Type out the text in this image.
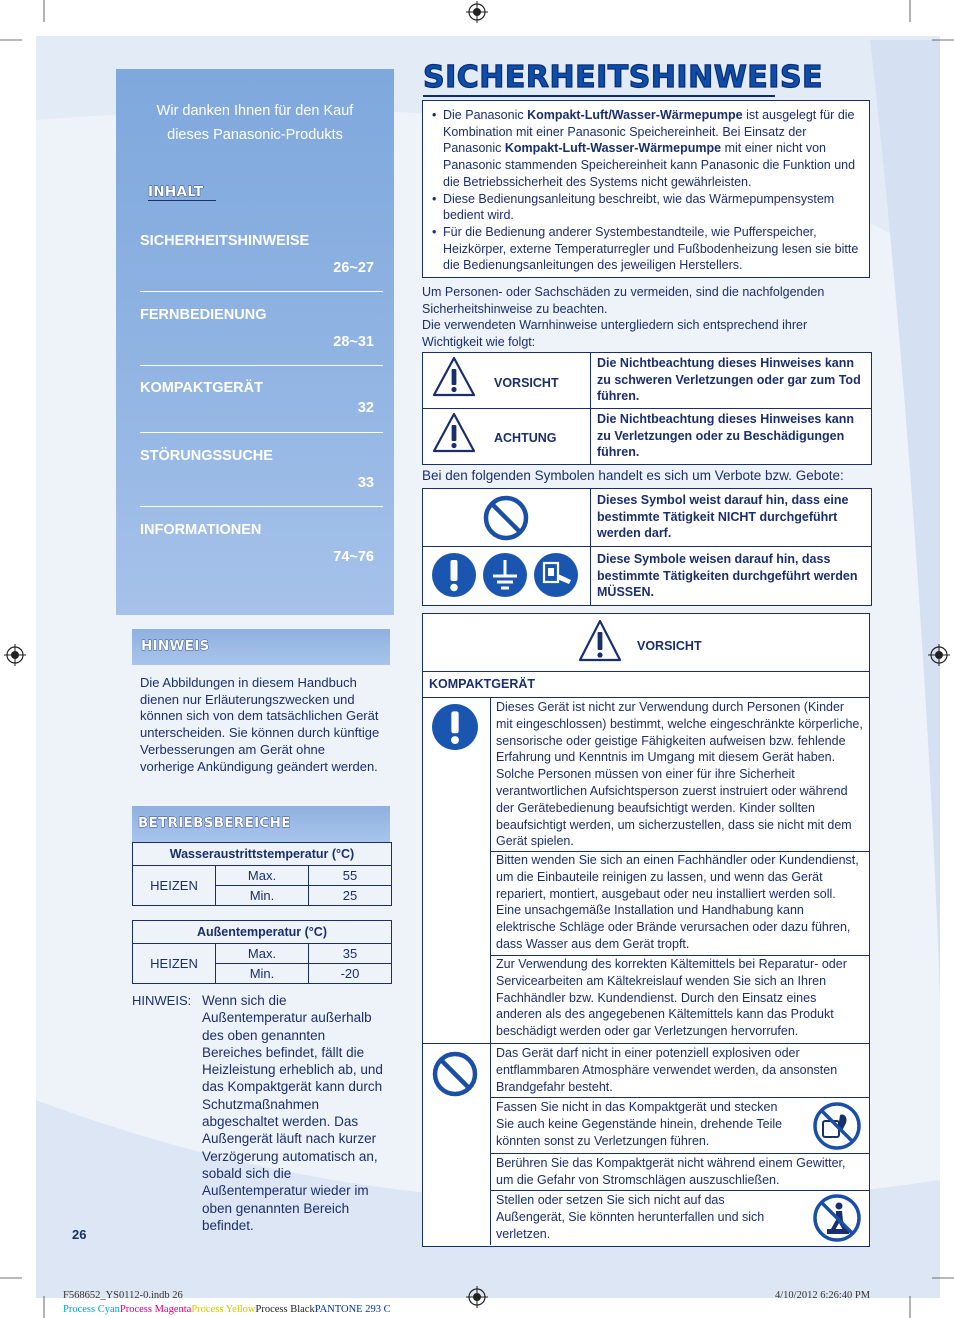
Wir danken Ihnen für den Kauf
dieses Panasonic-Produkts
INHALT
SICHERHEITSHINWEISE
26~27
FERNBEDIENUNG
28~31
KOMPAKTGERÄT
32
STÖRUNGSSUCHE
33
INFORMATIONEN
74~76
HINWEIS
Die Abbildungen in diesem Handbuch dienen nur Erläuterungszwecken und können sich von dem tatsächlichen Gerät unterscheiden. Sie können durch künftige Verbesserungen am Gerät ohne vorherige Ankündigung geändert werden.
BETRIEBSBEREICHE
Wasseraustrittstemperatur (°C)		
HEIZEN	Max.	55
	Min.	25
Außentemperatur (°C)		
HEIZEN	Max.	35
	Min.	-20
HINWEIS: Wenn sich die Außentemperatur außerhalb des oben genannten Bereiches befindet, fällt die Heizleistung erheblich ab, und das Kompaktgerät kann durch Schutzmaßnahmen abgeschaltet werden. Das Außengerät läuft nach kurzer Verzögerung automatisch an, sobald sich die Außentemperatur wieder im oben genannten Bereich befindet.
26
SICHERHEITSHINWEISE
• Die Panasonic Kompakt-Luft/Wasser-Wärmepumpe ist ausgelegt für die Kombination mit einer Panasonic Speichereinheit. Bei Einsatz der Panasonic Kompakt-Luft-Wasser-Wärmepumpe mit einer nicht von Panasonic stammenden Speichereinheit kann Panasonic die Funktion und die Betriebssicherheit des Systems nicht gewährleisten.
• Diese Bedienungsanleitung beschreibt, wie das Wärmepumpensystem bedient wird.
• Für die Bedienung anderer Systembestandteile, wie Pufferspeicher, Heizkörper, externe Temperaturregler und Fußbodenheizung lesen sie bitte die Bedienungsanleitungen des jeweiligen Herstellers.
Um Personen- oder Sachschäden zu vermeiden, sind die nachfolgenden Sicherheitshinweise zu beachten.
Die verwendeten Warnhinweise untergliedern sich entsprechend ihrer Wichtigkeit wie folgt:
VORSICHT
Die Nichtbeachtung dieses Hinweises kann zu schweren Verletzungen oder gar zum Tod führen.
ACHTUNG
Die Nichtbeachtung dieses Hinweises kann zu Verletzungen oder zu Beschädigungen führen.
Bei den folgenden Symbolen handelt es sich um Verbote bzw. Gebote:
Dieses Symbol weist darauf hin, dass eine bestimmte Tätigkeit NICHT durchgeführt werden darf.
Diese Symbole weisen darauf hin, dass bestimmte Tätigkeiten durchgeführt werden MÜSSEN.
VORSICHT
KOMPAKTGERÄT
Dieses Gerät ist nicht zur Verwendung durch Personen (Kinder mit eingeschlossen) bestimmt, welche eingeschränkte körperliche, sensorische oder geistige Fähigkeiten aufweisen bzw. fehlende Erfahrung und Kenntnis im Umgang mit diesem Gerät haben. Solche Personen müssen von einer für ihre Sicherheit verantwortlichen Aufsichtsperson zuerst instruiert oder während der Gerätebedienung beaufsichtigt werden. Kinder sollten beaufsichtigt werden, um sicherzustellen, dass sie nicht mit dem Gerät spielen.
Bitten wenden Sie sich an einen Fachhändler oder Kundendienst, um die Einbauteile reinigen zu lassen, und wenn das Gerät repariert, montiert, ausgebaut oder neu installiert werden soll. Eine unsachgemäße Installation und Handhabung kann elektrische Schläge oder Brände verursachen oder dazu führen, dass Wasser aus dem Gerät tropft.
Zur Verwendung des korrekten Kältemittels bei Reparatur- oder Servicearbeiten am Kältekreislauf wenden Sie sich an Ihren Fachhändler bzw. Kundendienst. Durch den Einsatz eines anderen als des angegebenen Kältemittels kann das Produkt beschädigt werden oder gar Verletzungen hervorrufen.
Das Gerät darf nicht in einer potenziell explosiven oder entflammbaren Atmosphäre verwendet werden, da ansonsten Brandgefahr besteht.
Fassen Sie nicht in das Kompaktgerät und stecken Sie auch keine Gegenstände hinein, drehende Teile könnten sonst zu Verletzungen führen.
Berühren Sie das Kompaktgerät nicht während einem Gewitter, um die Gefahr von Stromschlägen auszuschließen.
Stellen oder setzen Sie sich nicht auf das Außengerät, Sie könnten herunterfallen und sich verletzen.
F568652_YS0112-0.indb 26	4/10/2012 6:26:40 PM
Process CyanProcess MagentaProcess YellowProcess BlackPANTONE 293 C
